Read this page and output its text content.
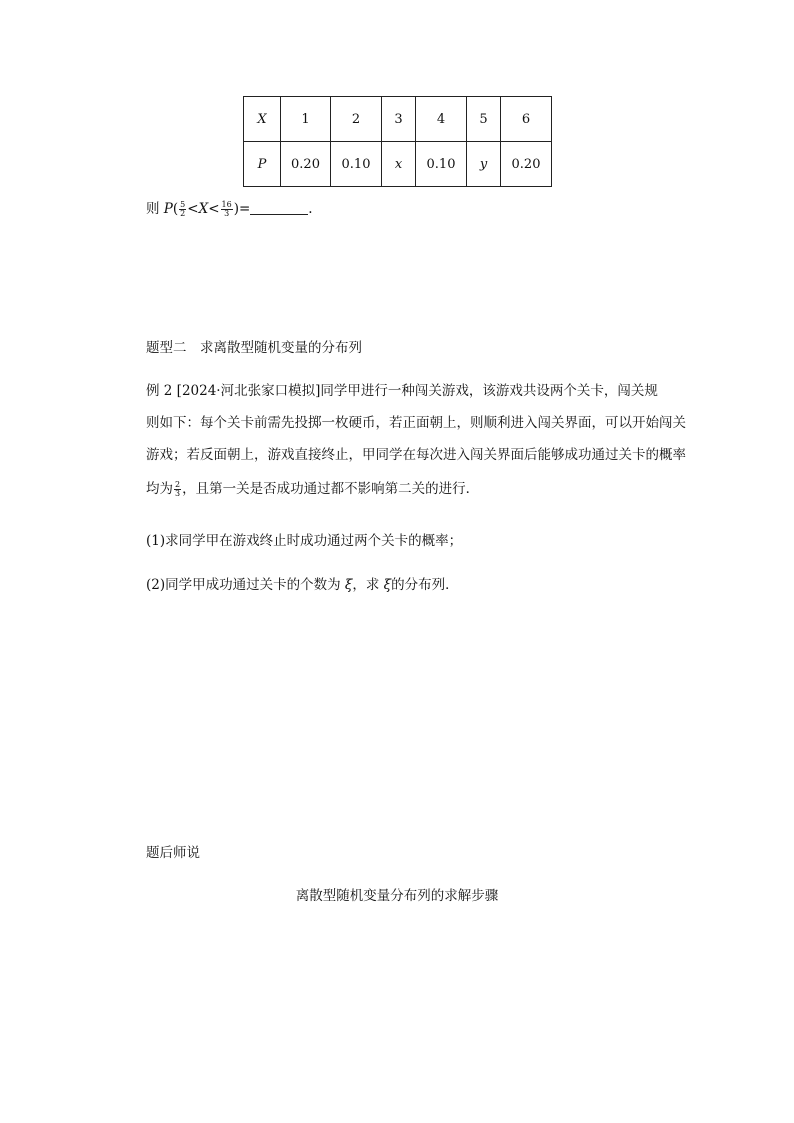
X	1	2	3	4	5	6
P	0.20	0.10	x	0.10	y	0.20
则 $P( \frac{5}{2} <X< \frac{16}{3}$ )=	.
题型二　求离散型随机变量的分布列
例 2 [2024·河北张家口模拟]同学甲进行一种闯关游戏，该游戏共设两个关卡，闯关规
则如下：每个关卡前需先投掷一枚硬币，若正面朝上，则顺利进入闯关界面，可以开始闯关
游戏；若反面朝上，游戏直接终止，甲同学在每次进入闯关界面后能够成功通过关卡的概率
均为 $\frac{2}{3}$ ，且第一关是否成功通过都不影响第二关的进行．
(1)求同学甲在游戏终止时成功通过两个关卡的概率；
(2)同学甲成功通过关卡的个数为 ξ，求 ξ的分布列．
题后师说
离散型随机变量分布列的求解步骤
